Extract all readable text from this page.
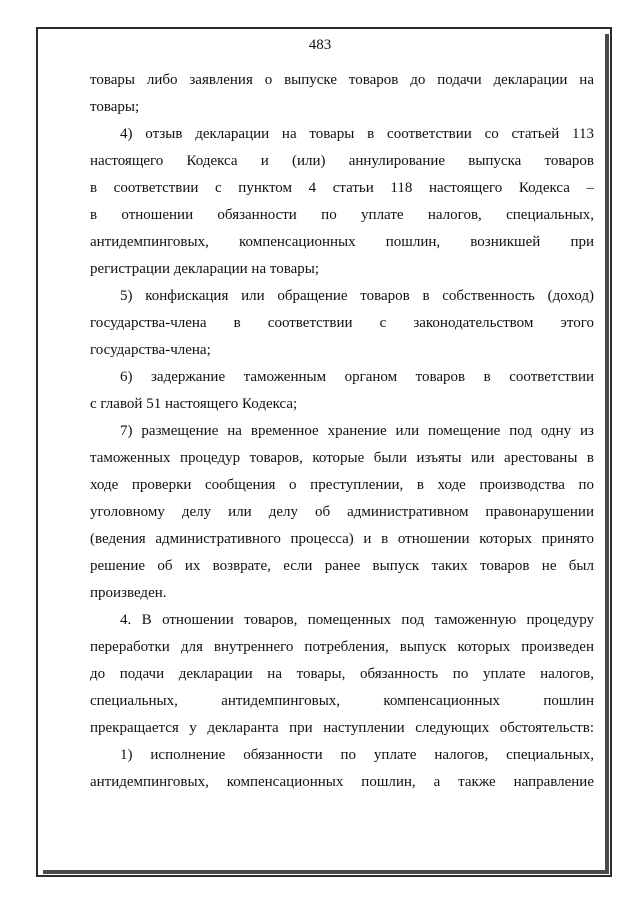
483
товары либо заявления о выпуске товаров до подачи декларации на
товары;
4) отзыв декларации на товары в соответствии со статьей 113
настоящего Кодекса и (или) аннулирование выпуска товаров
в соответствии с пунктом 4 статьи 118 настоящего Кодекса –
в отношении обязанности по уплате налогов, специальных,
антидемпинговых, компенсационных пошлин, возникшей при
регистрации декларации на товары;
5) конфискация или обращение товаров в собственность (доход)
государства-члена в соответствии с законодательством этого
государства-члена;
6) задержание таможенным органом товаров в соответствии
с главой 51 настоящего Кодекса;
7) размещение на временное хранение или помещение под одну из
таможенных процедур товаров, которые были изъяты или арестованы в
ходе проверки сообщения о преступлении, в ходе производства по
уголовному делу или делу об административном правонарушении
(ведения административного процесса) и в отношении которых принято
решение об их возврате, если ранее выпуск таких товаров не был
произведен.
4. В отношении товаров, помещенных под таможенную процедуру
переработки для внутреннего потребления, выпуск которых произведен
до подачи декларации на товары, обязанность по уплате налогов,
специальных, антидемпинговых, компенсационных пошлин
прекращается у декларанта при наступлении следующих обстоятельств:
1) исполнение обязанности по уплате налогов, специальных,
антидемпинговых, компенсационных пошлин, а также направление
